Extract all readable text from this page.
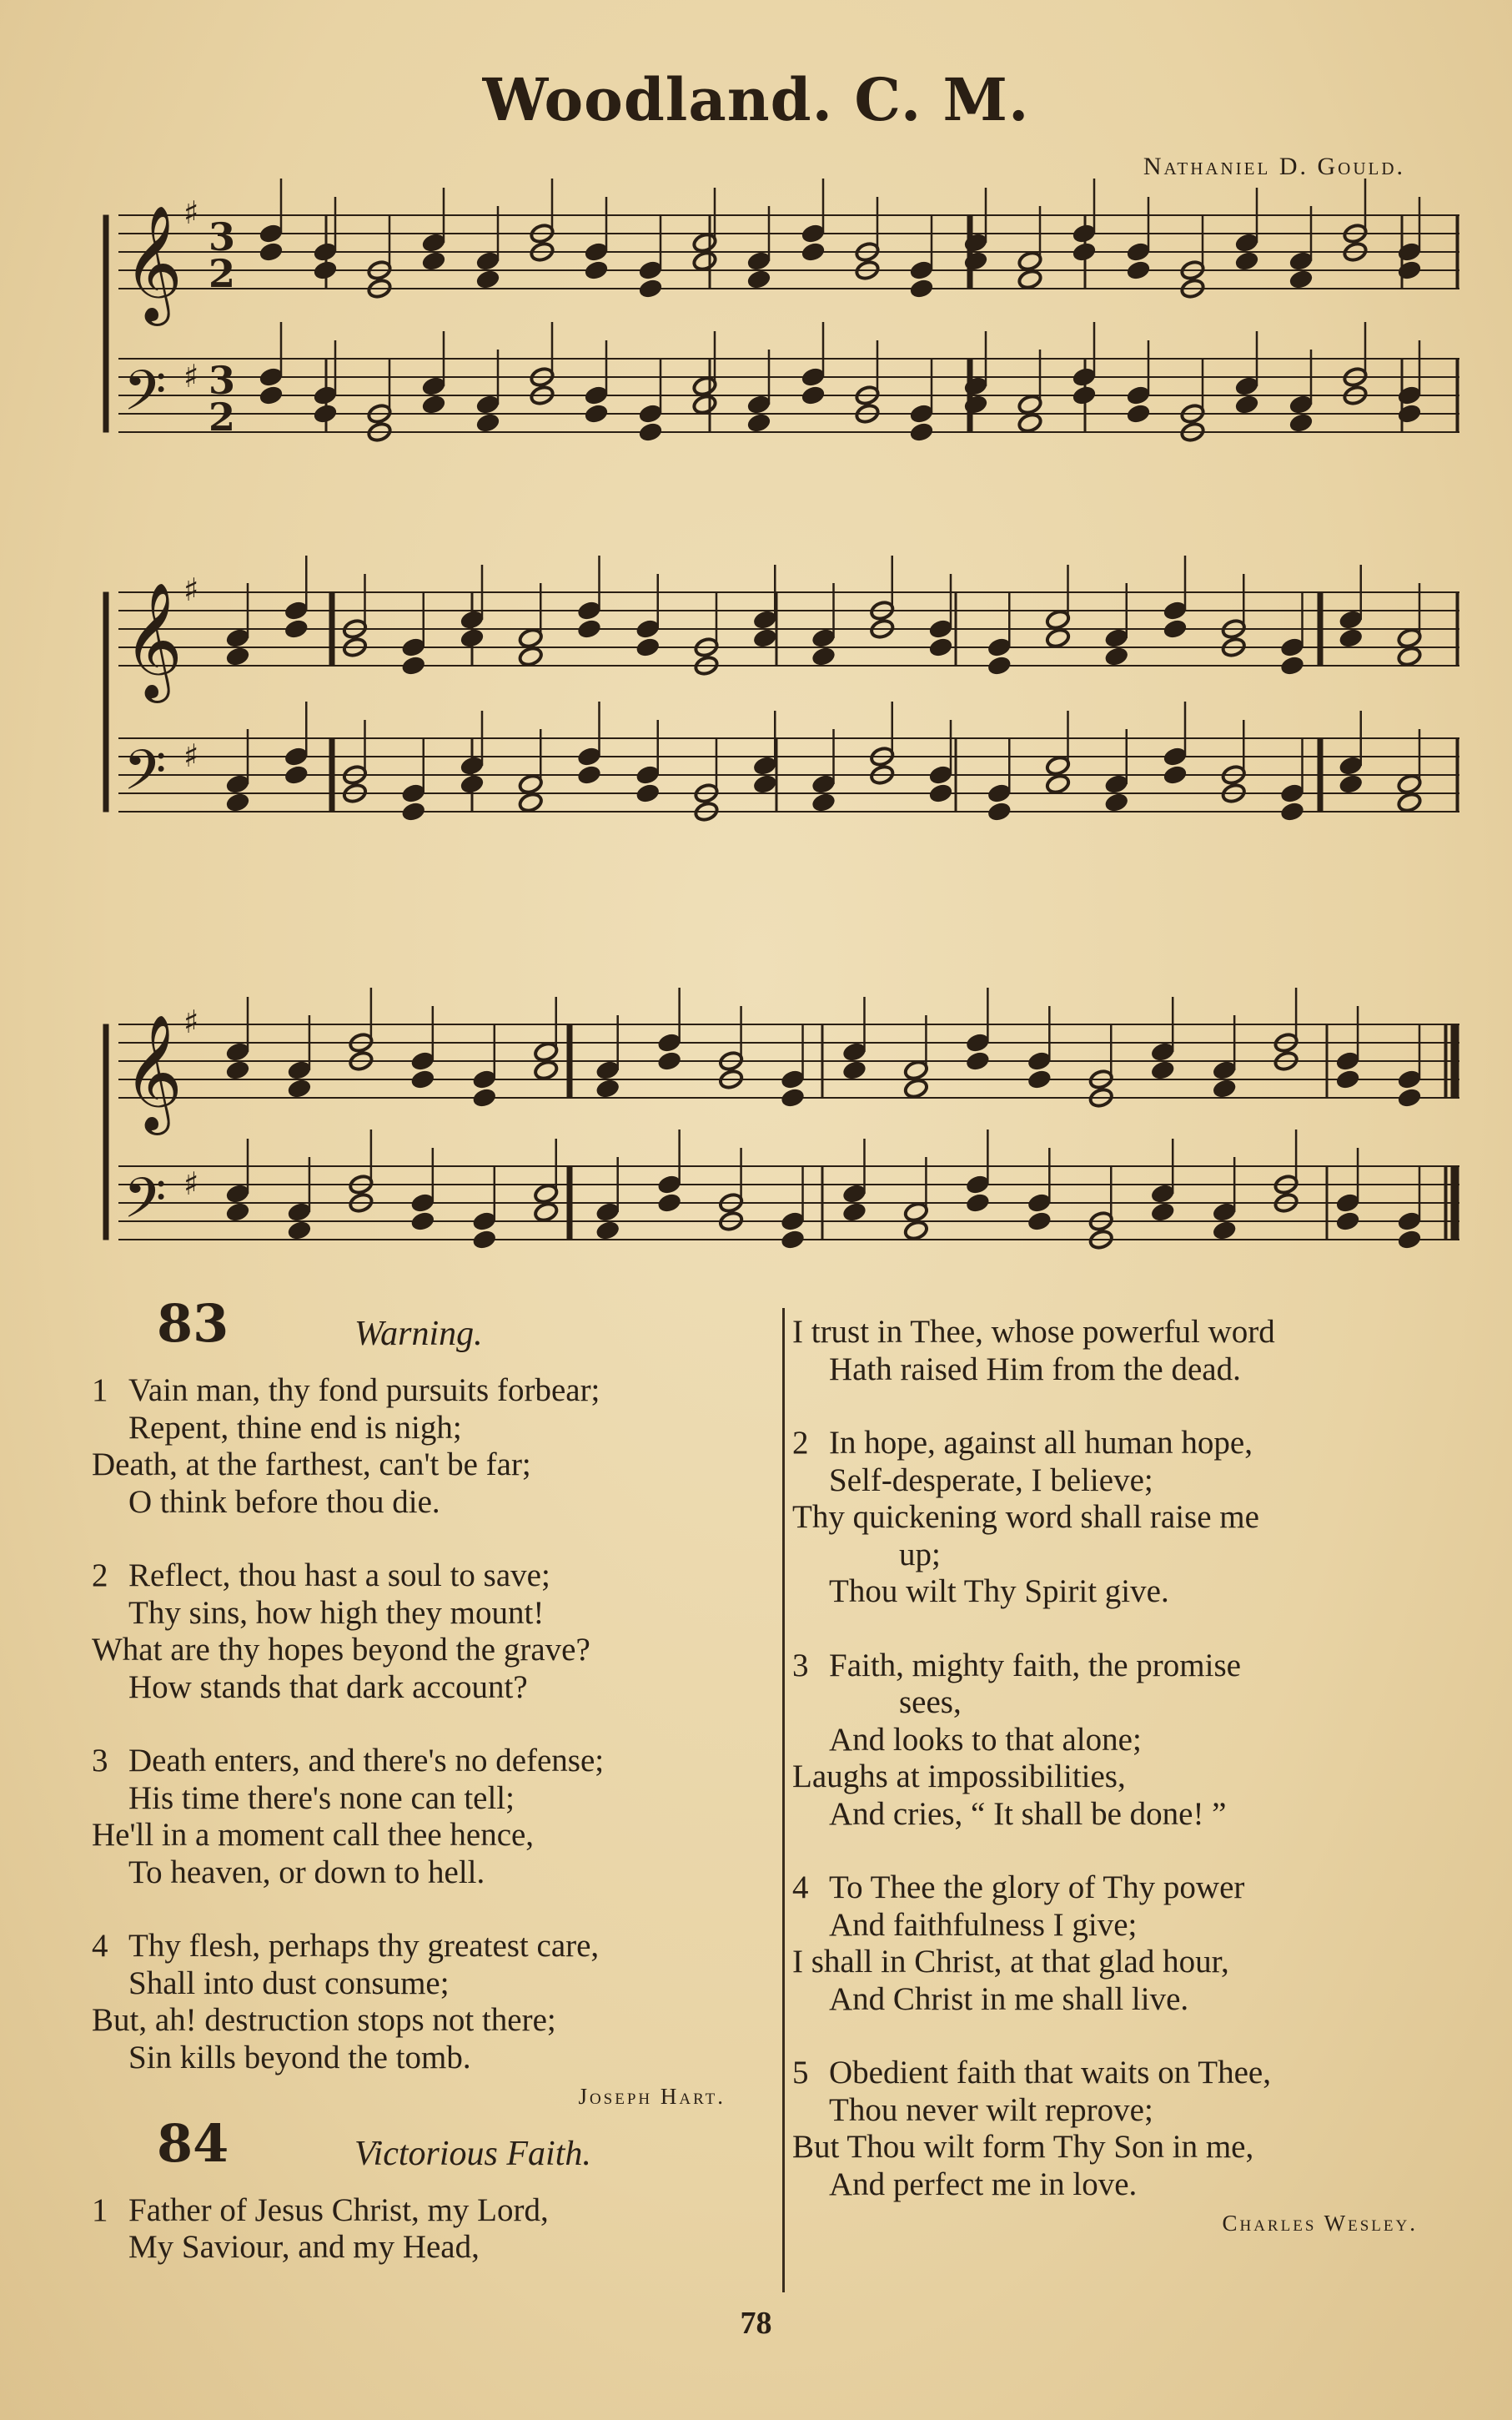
Woodland. C. M.
Nathaniel D. Gould.
𝄞 ♯
3
2
𝄢 ♯ 3
2
𝄞 ♯
𝄢 ♯
𝄞 ♯
𝄢 ♯
83	Warning.
1 Vain man, thy fond pursuits forbear;
Repent, thine end is nigh;
Death, at the farthest, can't be far;
O think before thou die.
2 Reflect, thou hast a soul to save;
Thy sins, how high they mount!
What are thy hopes beyond the grave?
How stands that dark account?
3 Death enters, and there's no defense;
His time there's none can tell;
He'll in a moment call thee hence,
To heaven, or down to hell.
4 Thy flesh, perhaps thy greatest care,
Shall into dust consume;
But, ah! destruction stops not there;
Sin kills beyond the tomb.
Joseph Hart.
84	Victorious Faith.
1 Father of Jesus Christ, my Lord,
My Saviour, and my Head,
I trust in Thee, whose powerful word
Hath raised Him from the dead.
2 In hope, against all human hope,
Self-desperate, I believe;
Thy quickening word shall raise me
up;
Thou wilt Thy Spirit give.
3 Faith, mighty faith, the promise
sees,
And looks to that alone;
Laughs at impossibilities,
And cries, “ It shall be done! ”
4 To Thee the glory of Thy power
And faithfulness I give;
I shall in Christ, at that glad hour,
And Christ in me shall live.
5 Obedient faith that waits on Thee,
Thou never wilt reprove;
But Thou wilt form Thy Son in me,
And perfect me in love.
Charles Wesley.
78
